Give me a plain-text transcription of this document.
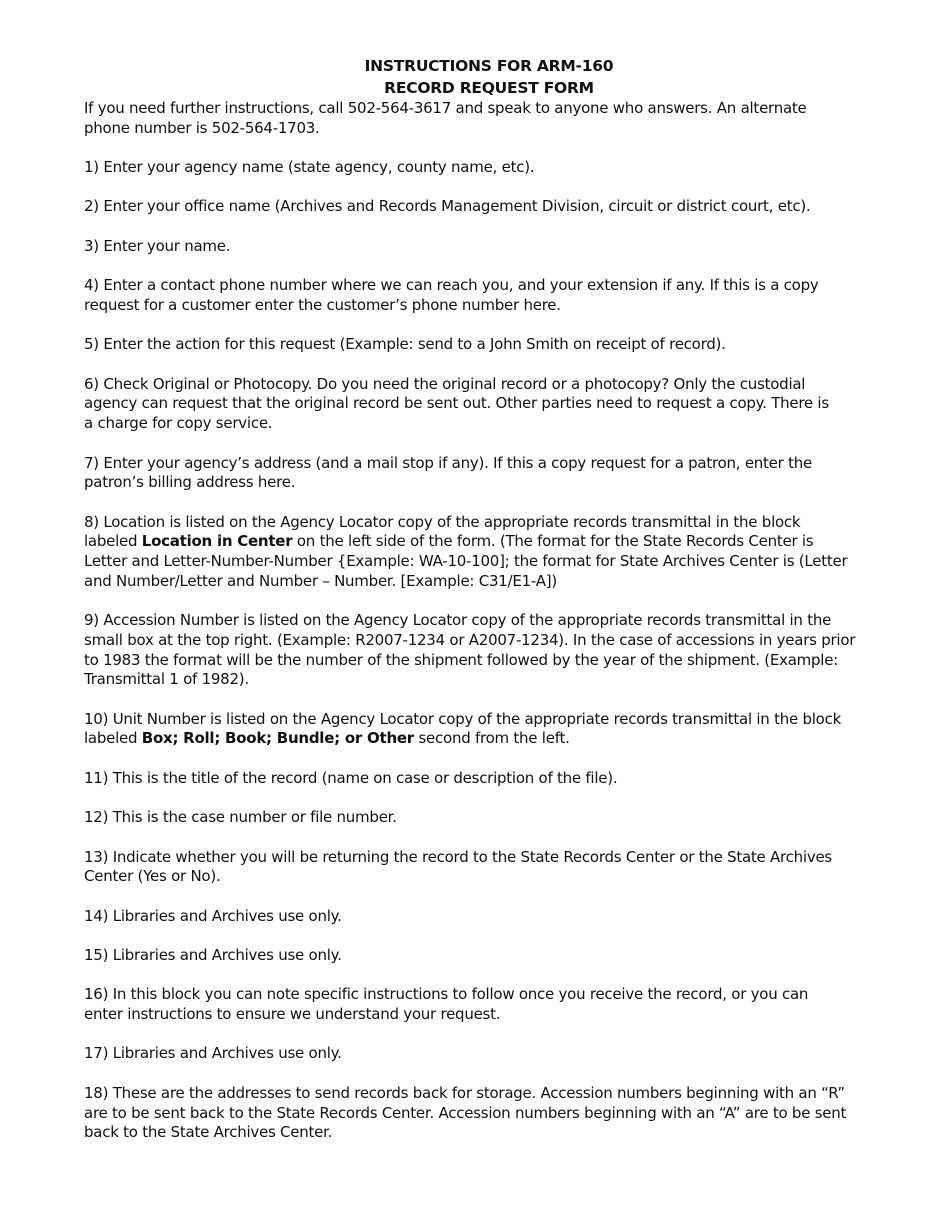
INSTRUCTIONS FOR ARM-160
RECORD REQUEST FORM

If you need further instructions, call 502-564-3617 and speak to anyone who answers. An alternate
phone number is 502-564-1703.

1) Enter your agency name (state agency, county name, etc).

2) Enter your office name (Archives and Records Management Division, circuit or district court, etc).

3) Enter your name.

4) Enter a contact phone number where we can reach you, and your extension if any. If this is a copy
request for a customer enter the customer’s phone number here.

5) Enter the action for this request (Example: send to a John Smith on receipt of record).

6) Check Original or Photocopy. Do you need the original record or a photocopy? Only the custodial
agency can request that the original record be sent out. Other parties need to request a copy. There is
a charge for copy service.

7) Enter your agency’s address (and a mail stop if any). If this a copy request for a patron, enter the
patron’s billing address here.

8) Location is listed on the Agency Locator copy of the appropriate records transmittal in the block
labeled Location in Center on the left side of the form. (The format for the State Records Center is
Letter and Letter-Number-Number {Example: WA-10-100]; the format for State Archives Center is (Letter
and Number/Letter and Number – Number. [Example: C31/E1-A])

9) Accession Number is listed on the Agency Locator copy of the appropriate records transmittal in the
small box at the top right. (Example: R2007-1234 or A2007-1234). In the case of accessions in years prior
to 1983 the format will be the number of the shipment followed by the year of the shipment. (Example:
Transmittal 1 of 1982).

10) Unit Number is listed on the Agency Locator copy of the appropriate records transmittal in the block
labeled Box; Roll; Book; Bundle; or Other second from the left.

11) This is the title of the record (name on case or description of the file).

12) This is the case number or file number.

13) Indicate whether you will be returning the record to the State Records Center or the State Archives
Center (Yes or No).

14) Libraries and Archives use only.

15) Libraries and Archives use only.

16) In this block you can note specific instructions to follow once you receive the record, or you can
enter instructions to ensure we understand your request.

17) Libraries and Archives use only.

18) These are the addresses to send records back for storage. Accession numbers beginning with an “R”
are to be sent back to the State Records Center. Accession numbers beginning with an “A” are to be sent
back to the State Archives Center.
